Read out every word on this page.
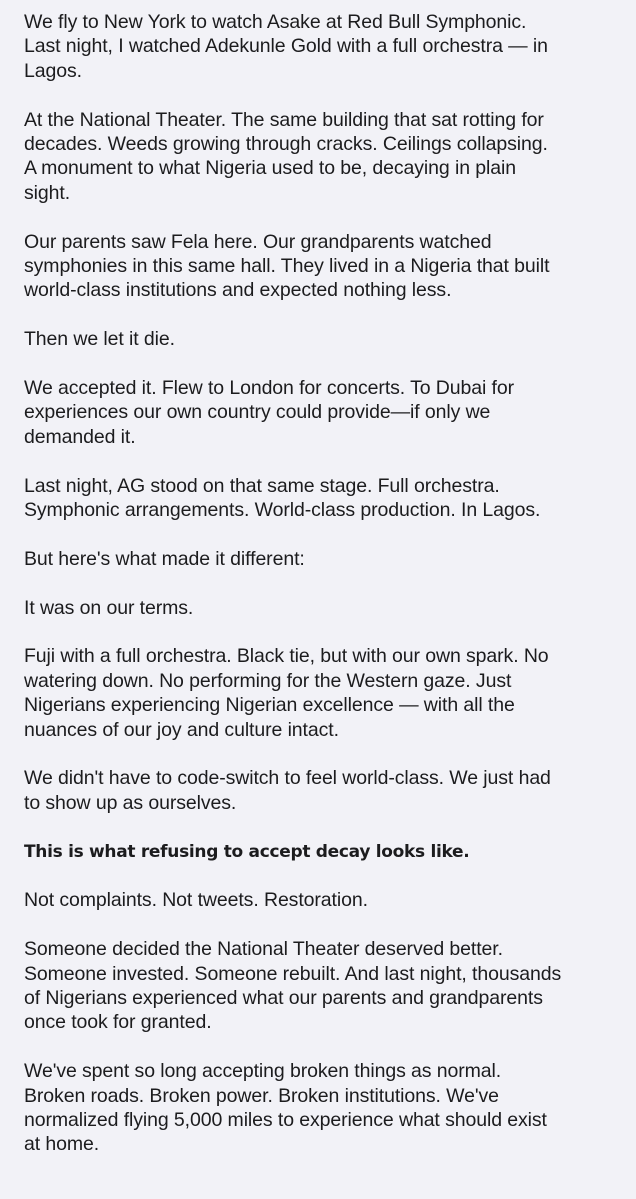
We fly to New York to watch Asake at Red Bull Symphonic.
Last night, I watched Adekunle Gold with a full orchestra — in
Lagos.

At the National Theater. The same building that sat rotting for
decades. Weeds growing through cracks. Ceilings collapsing.
A monument to what Nigeria used to be, decaying in plain
sight.

Our parents saw Fela here. Our grandparents watched
symphonies in this same hall. They lived in a Nigeria that built
world-class institutions and expected nothing less.

Then we let it die.

We accepted it. Flew to London for concerts. To Dubai for
experiences our own country could provide—if only we
demanded it.

Last night, AG stood on that same stage. Full orchestra.
Symphonic arrangements. World-class production. In Lagos.

But here's what made it different:

It was on our terms.

Fuji with a full orchestra. Black tie, but with our own spark. No
watering down. No performing for the Western gaze. Just
Nigerians experiencing Nigerian excellence — with all the
nuances of our joy and culture intact.

We didn't have to code-switch to feel world-class. We just had
to show up as ourselves.

This is what refusing to accept decay looks like.

Not complaints. Not tweets. Restoration.

Someone decided the National Theater deserved better.
Someone invested. Someone rebuilt. And last night, thousands
of Nigerians experienced what our parents and grandparents
once took for granted.

We've spent so long accepting broken things as normal.
Broken roads. Broken power. Broken institutions. We've
normalized flying 5,000 miles to experience what should exist
at home.
